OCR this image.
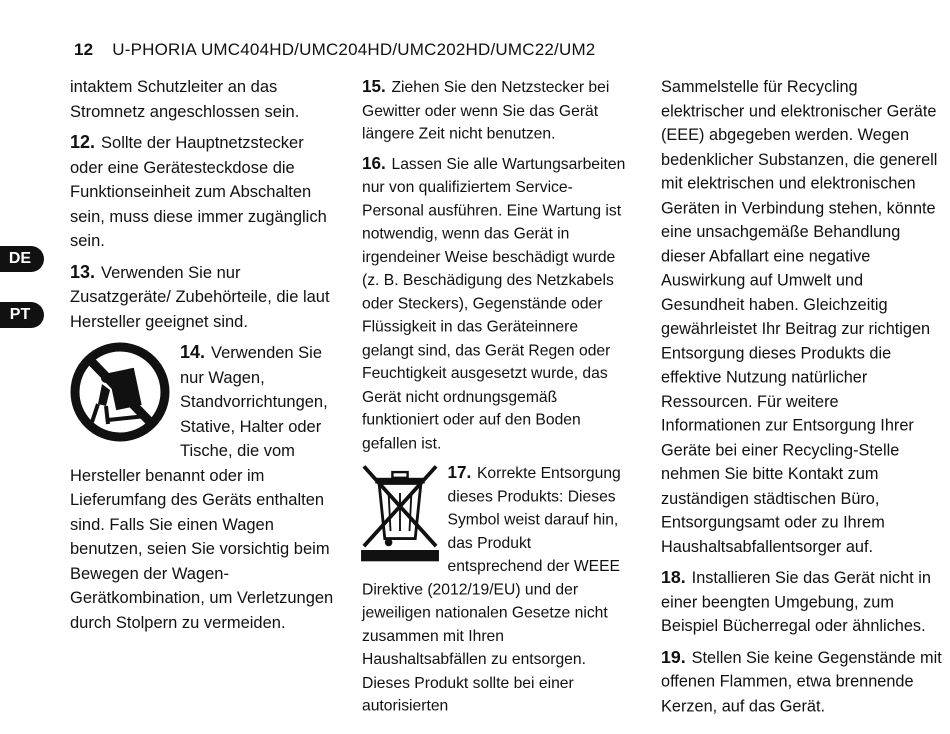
12 U-PHORIA UMC404HD/UMC204HD/UMC202HD/UMC22/UM2
DE
PT

intaktem Schutzleiter an das Stromnetz angeschlossen sein.

12. Sollte der Hauptnetzstecker oder eine Gerätesteckdose die Funktionseinheit zum Abschalten sein, muss diese immer zugänglich sein.

13. Verwenden Sie nur Zusatzgeräte/ Zubehörteile, die laut Hersteller geeignet sind.

14. Verwenden Sie nur Wagen, Standvorrichtungen, Stative, Halter oder Tische, die vom Hersteller benannt oder im Lieferumfang des Geräts enthalten sind. Falls Sie einen Wagen benutzen, seien Sie vorsichtig beim Bewegen der Wagen-Gerätkombination, um Verletzungen durch Stolpern zu vermeiden.

15. Ziehen Sie den Netzstecker bei Gewitter oder wenn Sie das Gerät längere Zeit nicht benutzen.

16. Lassen Sie alle Wartungsarbeiten nur von qualifiziertem Service-Personal ausführen. Eine Wartung ist notwendig, wenn das Gerät in irgendeiner Weise beschädigt wurde (z. B. Beschädigung des Netzkabels oder Steckers), Gegenstände oder Flüssigkeit in das Geräteinnere gelangt sind, das Gerät Regen oder Feuchtigkeit ausgesetzt wurde, das Gerät nicht ordnungsgemäß funktioniert oder auf den Boden gefallen ist.

17. Korrekte Entsorgung dieses Produkts: Dieses Symbol weist darauf hin, das Produkt entsprechend der WEEE Direktive (2012/19/EU) und der jeweiligen nationalen Gesetze nicht zusammen mit Ihren Haushaltsabfällen zu entsorgen. Dieses Produkt sollte bei einer autorisierten

Sammelstelle für Recycling elektrischer und elektronischer Geräte (EEE) abgegeben werden. Wegen bedenklicher Substanzen, die generell mit elektrischen und elektronischen Geräten in Verbindung stehen, könnte eine unsachgemäße Behandlung dieser Abfallart eine negative Auswirkung auf Umwelt und Gesundheit haben. Gleichzeitig gewährleistet Ihr Beitrag zur richtigen Entsorgung dieses Produkts die effektive Nutzung natürlicher Ressourcen. Für weitere Informationen zur Entsorgung Ihrer Geräte bei einer Recycling-Stelle nehmen Sie bitte Kontakt zum zuständigen städtischen Büro, Entsorgungsamt oder zu Ihrem Haushaltsabfallentsorger auf.

18. Installieren Sie das Gerät nicht in einer beengten Umgebung, zum Beispiel Bücherregal oder ähnliches.

19. Stellen Sie keine Gegenstände mit offenen Flammen, etwa brennende Kerzen, auf das Gerät.
